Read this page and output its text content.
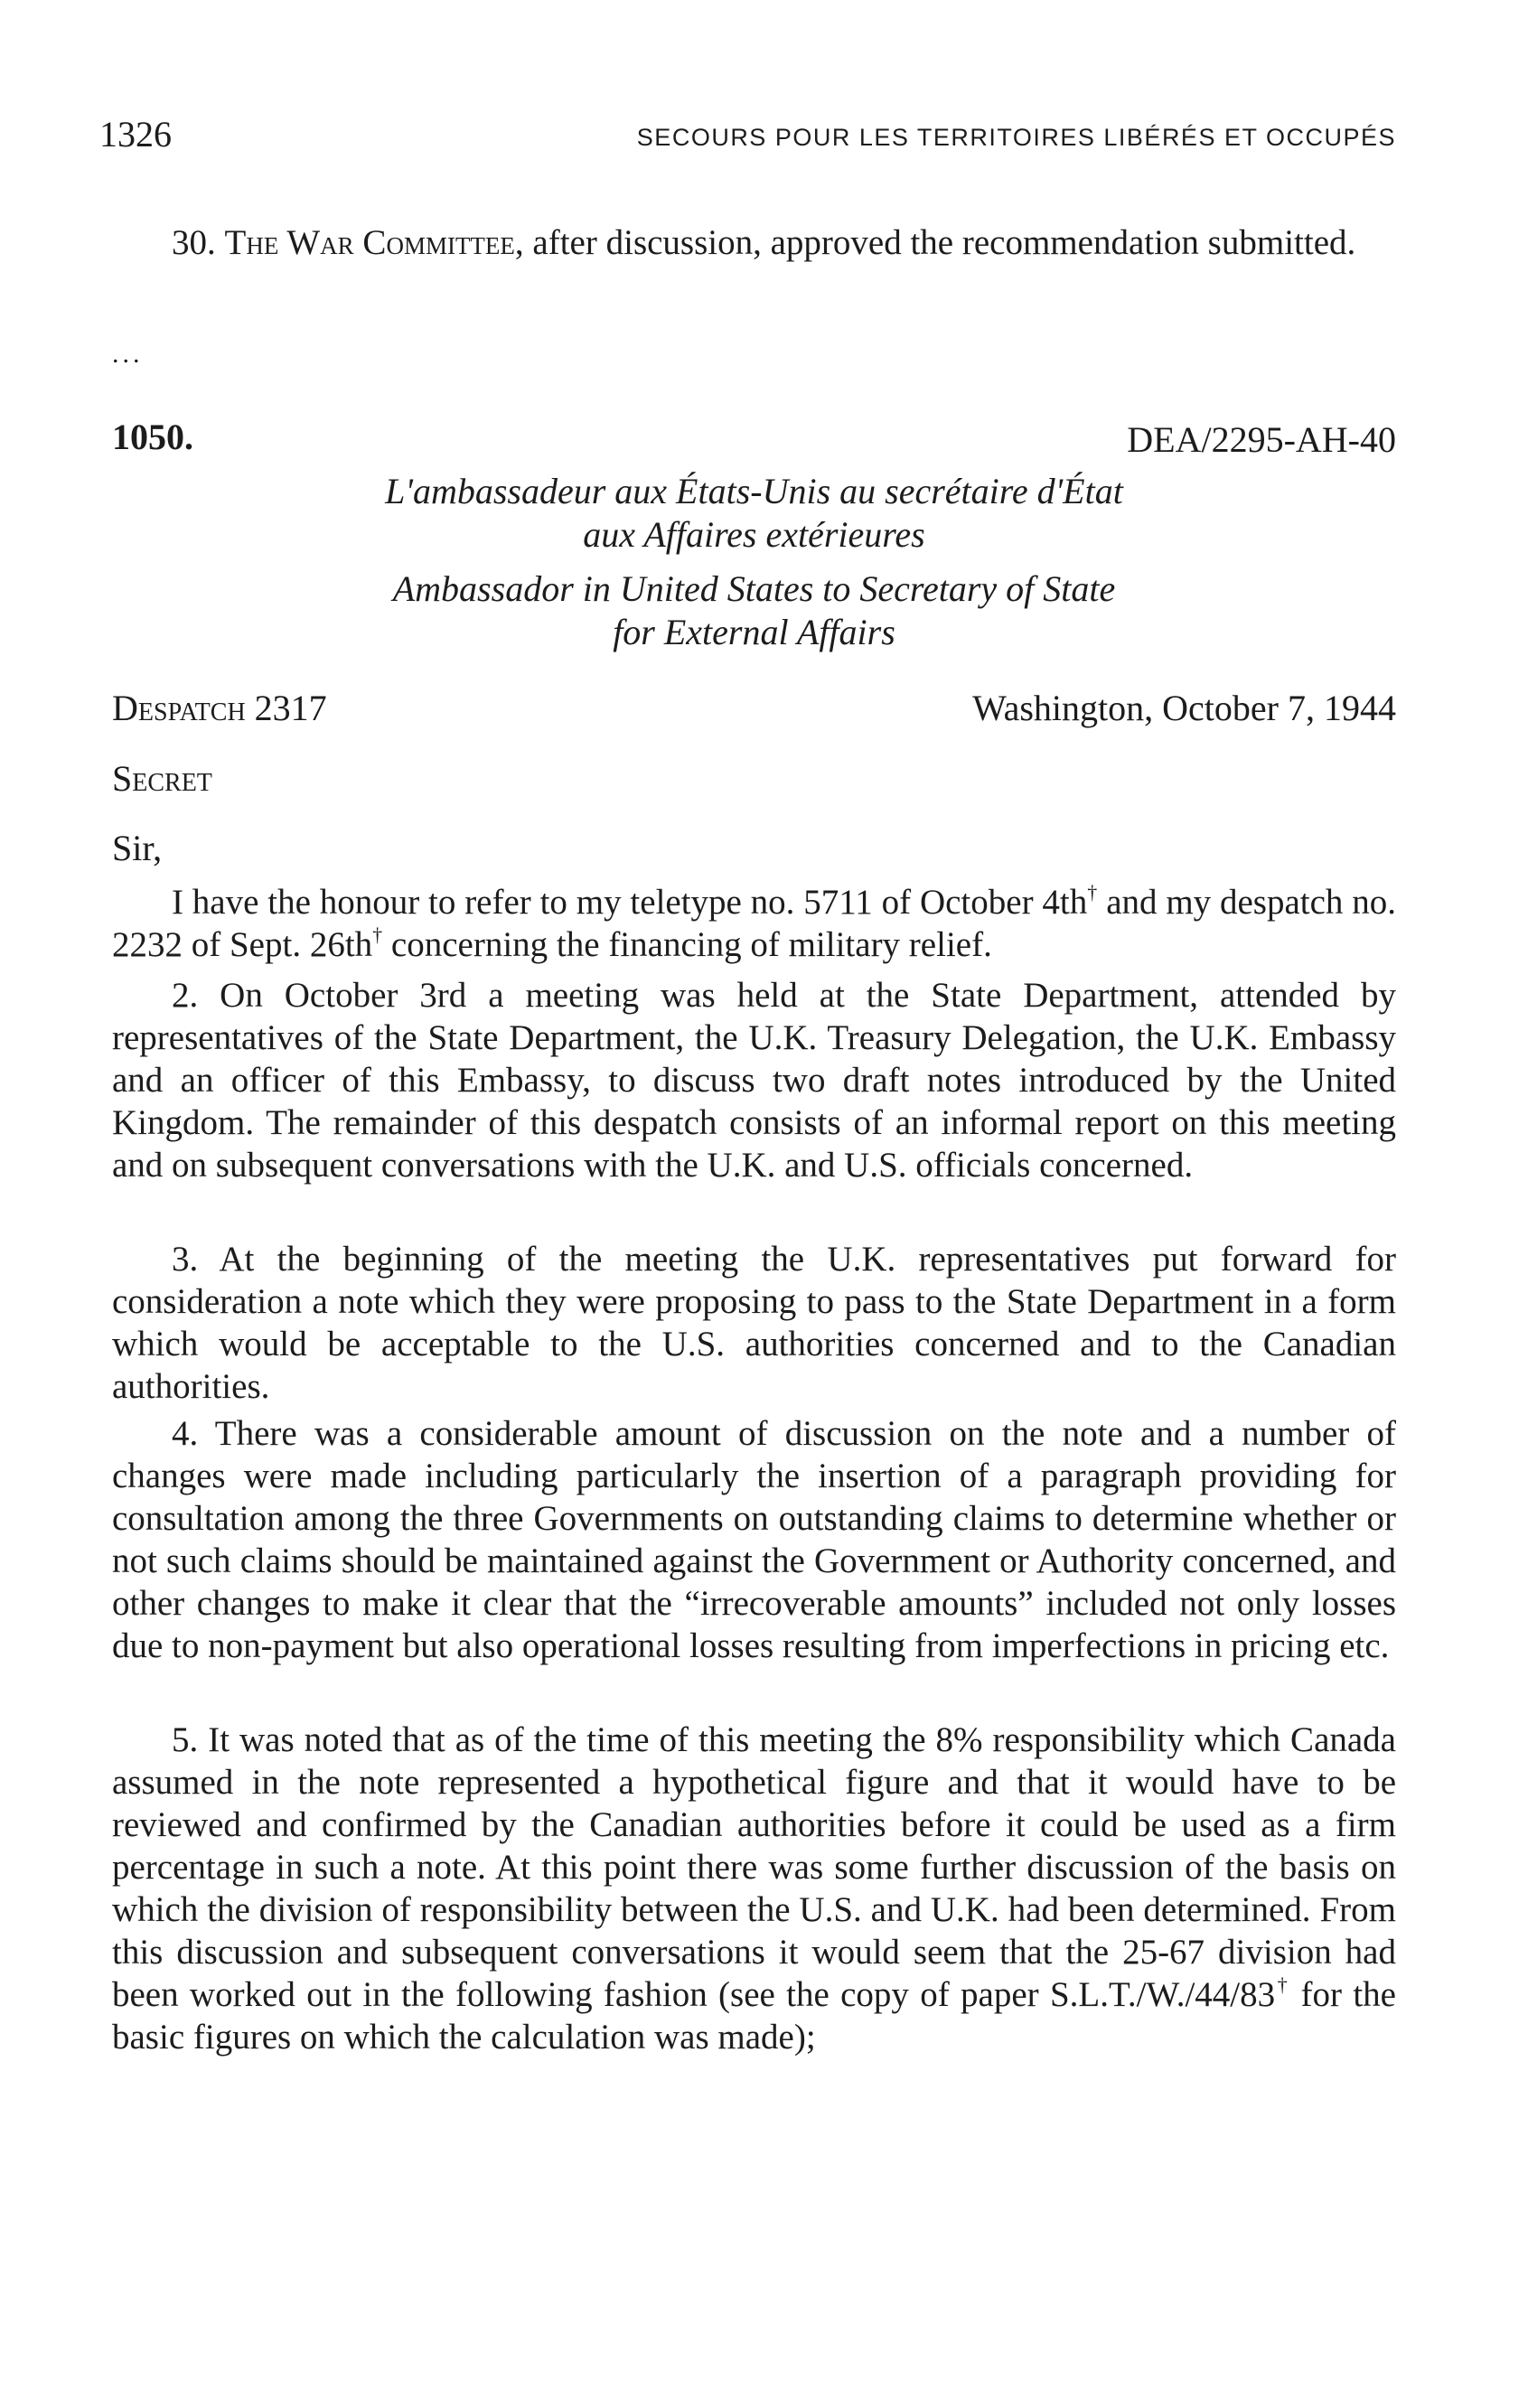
1326	SECOURS POUR LES TERRITOIRES LIBÉRÉS ET OCCUPÉS
30. The War Committee, after discussion, approved the recommendation submitted.
...
1050.	DEA/2295-AH-40
L'ambassadeur aux États-Unis au secrétaire d'État
aux Affaires extérieures
Ambassador in United States to Secretary of State
for External Affairs
Despatch 2317	Washington, October 7, 1944
Secret
Sir,
I have the honour to refer to my teletype no. 5711 of October 4th† and my despatch no. 2232 of Sept. 26th† concerning the financing of military relief.
2. On October 3rd a meeting was held at the State Department, attended by representatives of the State Department, the U.K. Treasury Delegation, the U.K. Embassy and an officer of this Embassy, to discuss two draft notes introduced by the United Kingdom. The remainder of this despatch consists of an informal report on this meeting and on subsequent conversations with the U.K. and U.S. officials concerned.
3. At the beginning of the meeting the U.K. representatives put forward for consideration a note which they were proposing to pass to the State Department in a form which would be acceptable to the U.S. authorities concerned and to the Canadian authorities.
4. There was a considerable amount of discussion on the note and a number of changes were made including particularly the insertion of a paragraph providing for consultation among the three Governments on outstanding claims to determine whether or not such claims should be maintained against the Government or Authority concerned, and other changes to make it clear that the “irrecoverable amounts” included not only losses due to non-payment but also operational losses resulting from imperfections in pricing etc.
5. It was noted that as of the time of this meeting the 8% responsibility which Canada assumed in the note represented a hypothetical figure and that it would have to be reviewed and confirmed by the Canadian authorities before it could be used as a firm percentage in such a note. At this point there was some further discussion of the basis on which the division of responsibility between the U.S. and U.K. had been determined. From this discussion and subsequent conversations it would seem that the 25-67 division had been worked out in the following fashion (see the copy of paper S.L.T./W./44/83† for the basic figures on which the calculation was made);
